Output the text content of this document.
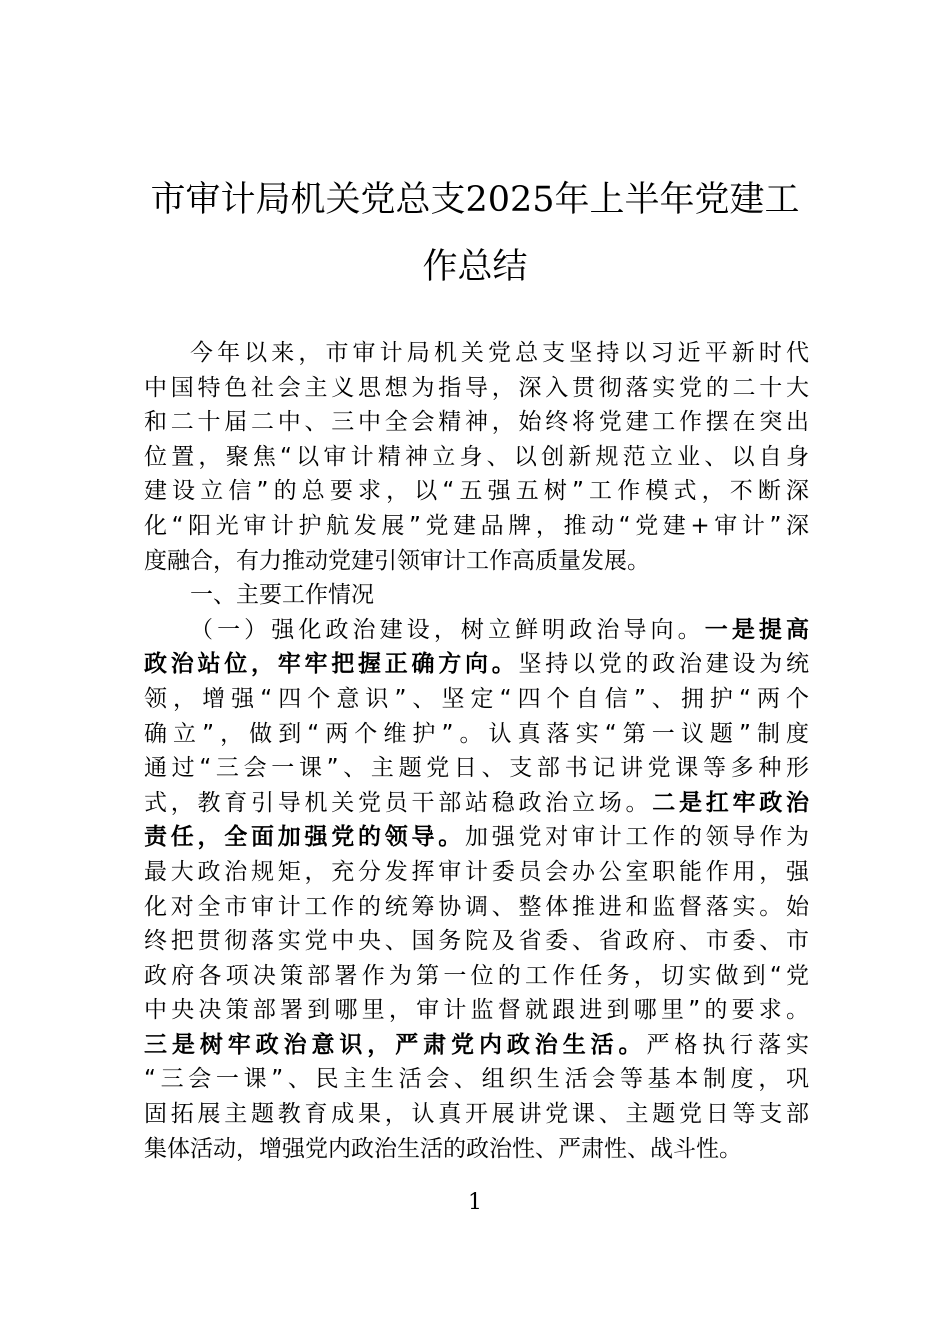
市审计局机关党总支2025年上半年党建工
作总结
今年以来，市审计局机关党总支坚持以习近平新时代
中国特色社会主义思想为指导，深入贯彻落实党的二十大
和二十届二中、三中全会精神，始终将党建工作摆在突出
位置，聚焦“以审计精神立身、以创新规范立业、以自身
建设立信”的总要求，以“五强五树”工作模式，不断深
化“阳光审计护航发展”党建品牌，推动“党建+审计”深
度融合，有力推动党建引领审计工作高质量发展。
一、主要工作情况
（一）强化政治建设，树立鲜明政治导向。一是提高
政治站位，牢牢把握正确方向。坚持以党的政治建设为统
领，增强“四个意识”、坚定“四个自信”、拥护“两个
确立”，做到“两个维护”。认真落实“第一议题”制度
通过“三会一课”、主题党日、支部书记讲党课等多种形
式，教育引导机关党员干部站稳政治立场。二是扛牢政治
责任，全面加强党的领导。加强党对审计工作的领导作为
最大政治规矩，充分发挥审计委员会办公室职能作用，强
化对全市审计工作的统筹协调、整体推进和监督落实。始
终把贯彻落实党中央、国务院及省委、省政府、市委、市
政府各项决策部署作为第一位的工作任务，切实做到“党
中央决策部署到哪里，审计监督就跟进到哪里”的要求。
三是树牢政治意识，严肃党内政治生活。严格执行落实
“三会一课”、民主生活会、组织生活会等基本制度，巩
固拓展主题教育成果，认真开展讲党课、主题党日等支部
集体活动，增强党内政治生活的政治性、严肃性、战斗性。
1
